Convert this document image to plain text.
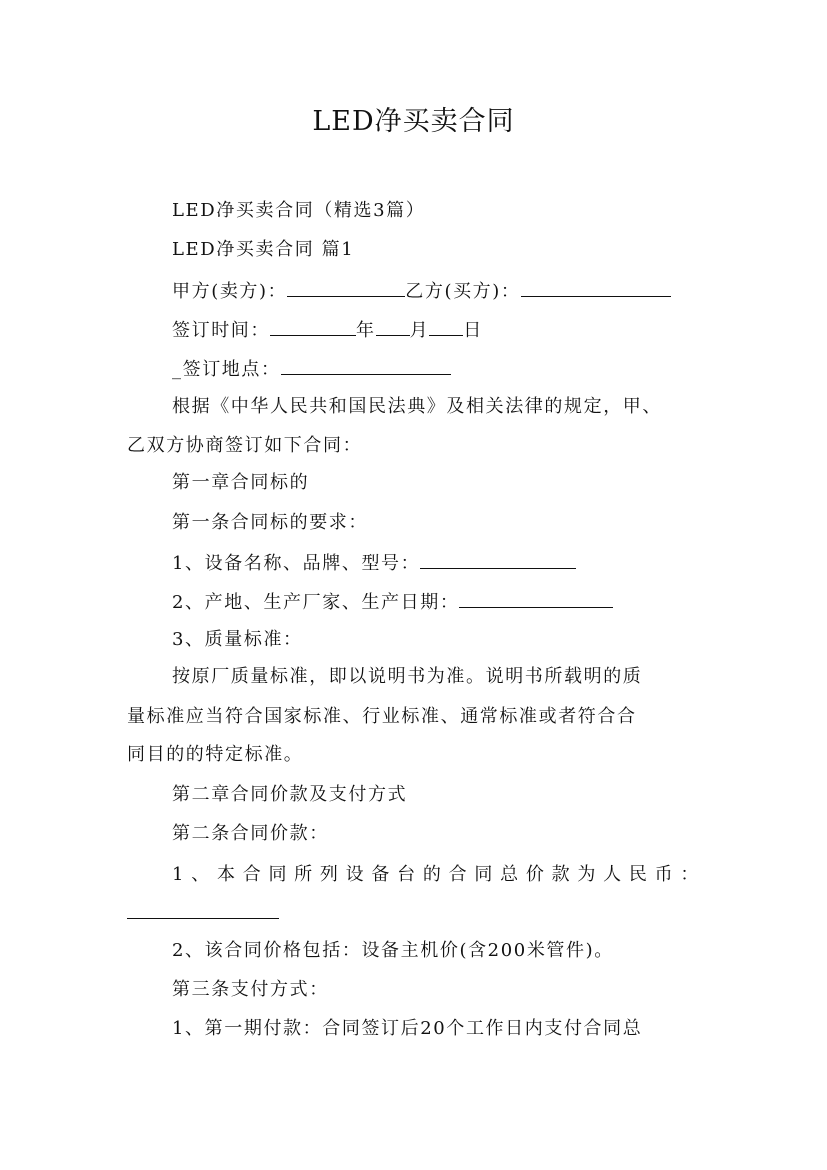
LED净买卖合同

LED净买卖合同（精选3篇）

LED净买卖合同 篇1

甲方(卖方)：	乙方(买方)：

签订时间：	年 月 日

_签订地点：

根据《中华人民共和国民法典》及相关法律的规定，甲、

乙双方协商签订如下合同：

第一章合同标的

第一条合同标的要求：

1、设备名称、品牌、型号：

2、产地、生产厂家、生产日期：

3、质量标准：

按原厂质量标准，即以说明书为准。说明书所载明的质

量标准应当符合国家标准、行业标准、通常标准或者符合合

同目的的特定标准。

第二章合同价款及支付方式

第二条合同价款：

1、本合同所列设备台的合同总价款为人民币：

2、该合同价格包括：设备主机价(含200米管件)。

第三条支付方式：

1、第一期付款：合同签订后20个工作日内支付合同总
